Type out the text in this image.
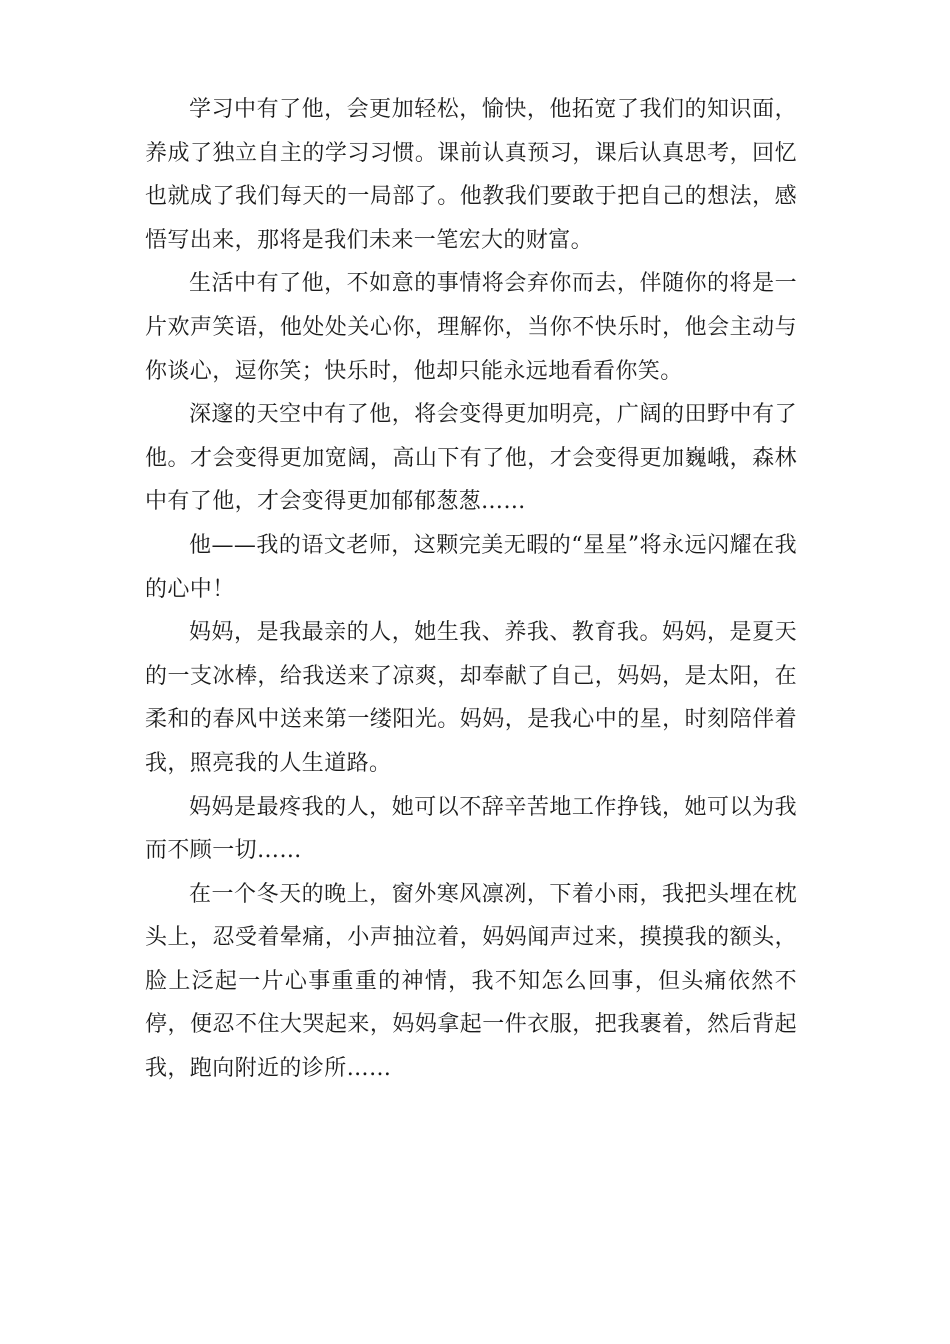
学习中有了他，会更加轻松，愉快，他拓宽了我们的知识面，养成了独立自主的学习习惯。课前认真预习，课后认真思考，回忆也就成了我们每天的一局部了。他教我们要敢于把自己的想法，感悟写出来，那将是我们未来一笔宏大的财富。

生活中有了他，不如意的事情将会弃你而去，伴随你的将是一片欢声笑语，他处处关心你，理解你，当你不快乐时，他会主动与你谈心，逗你笑；快乐时，他却只能永远地看看你笑。

深邃的天空中有了他，将会变得更加明亮，广阔的田野中有了他。才会变得更加宽阔，高山下有了他，才会变得更加巍峨，森林中有了他，才会变得更加郁郁葱葱……

他——我的语文老师，这颗完美无暇的“星星”将永远闪耀在我的心中！

妈妈，是我最亲的人，她生我、养我、教育我。妈妈，是夏天的一支冰棒，给我送来了凉爽，却奉献了自己，妈妈，是太阳，在柔和的春风中送来第一缕阳光。妈妈，是我心中的星，时刻陪伴着我，照亮我的人生道路。

妈妈是最疼我的人，她可以不辞辛苦地工作挣钱，她可以为我而不顾一切……

在一个冬天的晚上，窗外寒风凛冽，下着小雨，我把头埋在枕头上，忍受着晕痛，小声抽泣着，妈妈闻声过来，摸摸我的额头，脸上泛起一片心事重重的神情，我不知怎么回事，但头痛依然不停，便忍不住大哭起来，妈妈拿起一件衣服，把我裹着，然后背起我，跑向附近的诊所……
